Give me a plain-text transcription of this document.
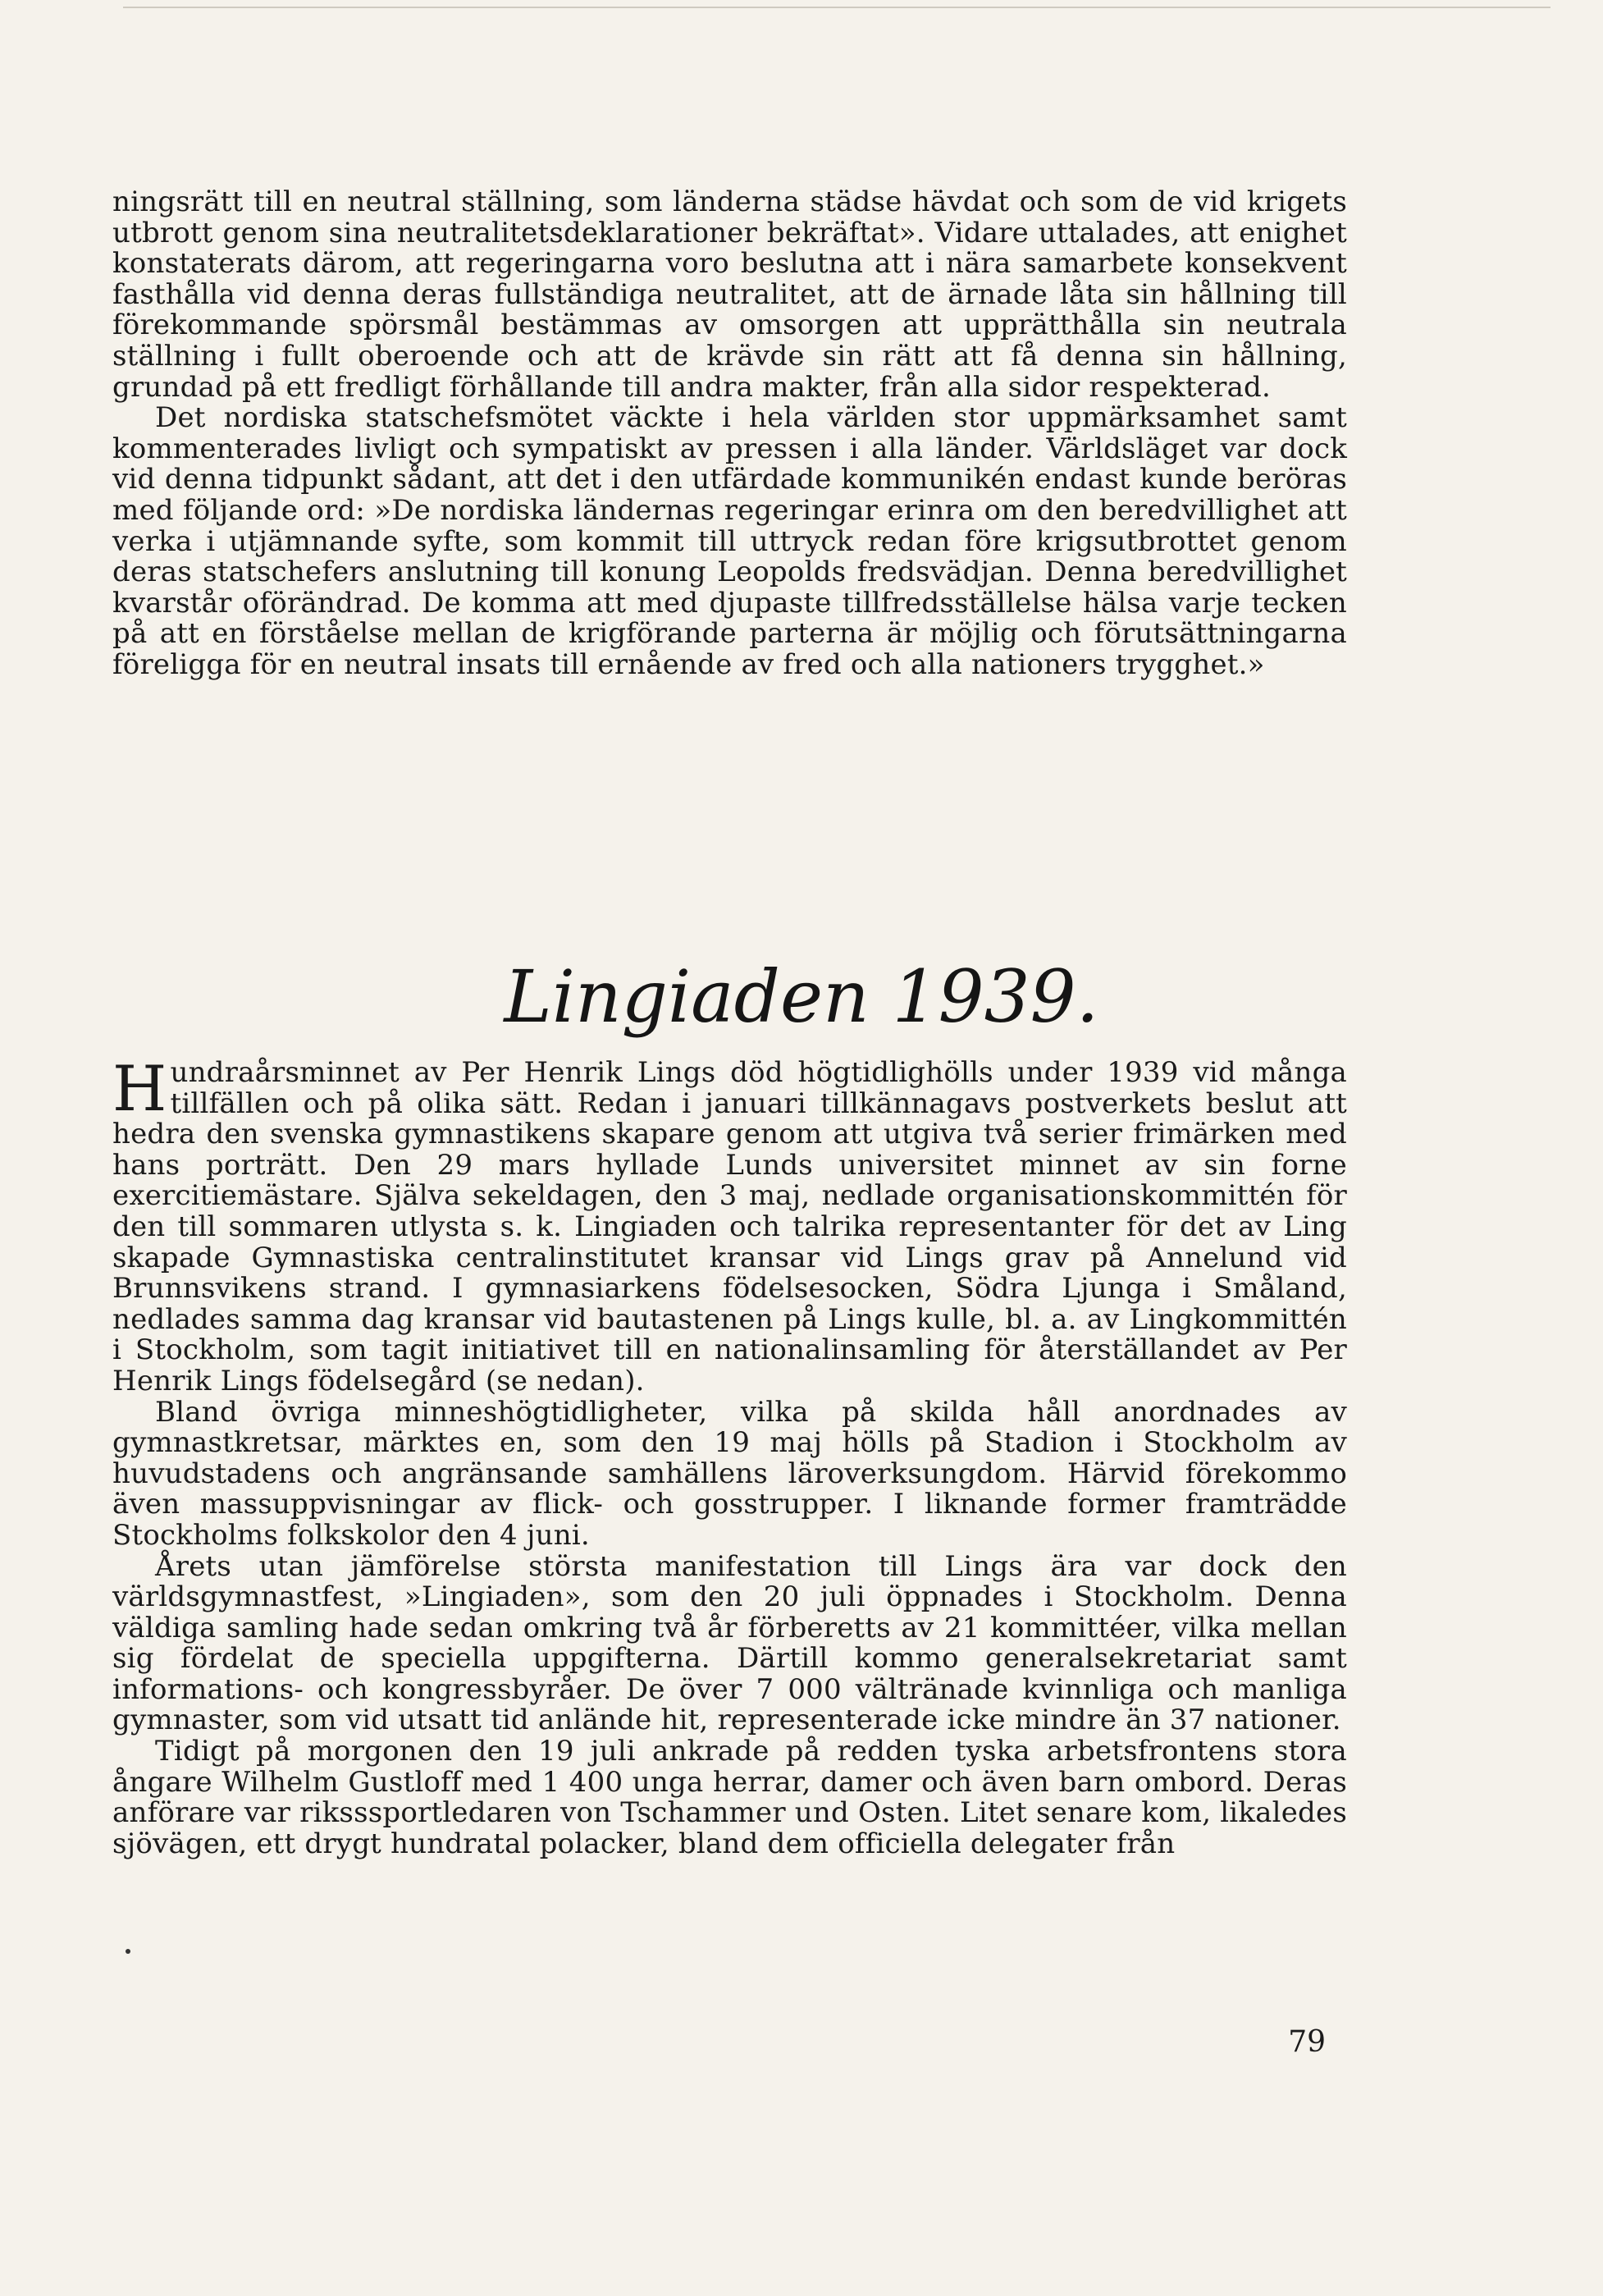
ningsrätt till en neutral ställning, som länderna städse hävdat och som de vid krigets utbrott genom sina neutralitetsdeklarationer bekräftat». Vidare uttalades, att enighet konstaterats därom, att regeringarna voro beslutna att i nära samarbete konsekvent fasthålla vid denna deras fullständiga neutralitet, att de ärnade låta sin hållning till förekommande spörsmål bestämmas av omsorgen att upprätthålla sin neutrala ställning i fullt oberoende och att de krävde sin rätt att få denna sin hållning, grundad på ett fredligt förhållande till andra makter, från alla sidor respekterad.

Det nordiska statschefsmötet väckte i hela världen stor uppmärksamhet samt kommenterades livligt och sympatiskt av pressen i alla länder. Världsläget var dock vid denna tidpunkt sådant, att det i den utfärdade kommunikén endast kunde beröras med följande ord: »De nordiska ländernas regeringar erinra om den beredvillighet att verka i utjämnande syfte, som kommit till uttryck redan före krigsutbrottet genom deras statschefers anslutning till konung Leopolds fredsvädjan. Denna beredvillighet kvarstår oförändrad. De komma att med djupaste tillfredsställelse hälsa varje tecken på att en förståelse mellan de krigförande parterna är möjlig och förutsättningarna föreligga för en neutral insats till ernående av fred och alla nationers trygghet.»

Lingiaden 1939.

Hundraårsminnet av Per Henrik Lings död högtidlighölls under 1939 vid många tillfällen och på olika sätt. Redan i januari tillkännagavs postverkets beslut att hedra den svenska gymnastikens skapare genom att utgiva två serier frimärken med hans porträtt. Den 29 mars hyllade Lunds universitet minnet av sin forne exercitiemästare. Själva sekeldagen, den 3 maj, nedlade organisationskommittén för den till sommaren utlysta s. k. Lingiaden och talrika representanter för det av Ling skapade Gymnastiska centralinstitutet kransar vid Lings grav på Annelund vid Brunnsvikens strand. I gymnasiarkens födelsesocken, Södra Ljunga i Småland, nedlades samma dag kransar vid bautastenen på Lings kulle, bl. a. av Lingkommittén i Stockholm, som tagit initiativet till en nationalinsamling för återställandet av Per Henrik Lings födelsegård (se nedan).

Bland övriga minneshögtidligheter, vilka på skilda håll anordnades av gymnastkretsar, märktes en, som den 19 maj hölls på Stadion i Stockholm av huvudstadens och angränsande samhällens läroverksungdom. Härvid förekommo även massuppvisningar av flick- och gosstrupper. I liknande former framträdde Stockholms folkskolor den 4 juni.

Årets utan jämförelse största manifestation till Lings ära var dock den världsgymnastfest, »Lingiaden», som den 20 juli öppnades i Stockholm. Denna väldiga samling hade sedan omkring två år förberetts av 21 kommittéer, vilka mellan sig fördelat de speciella uppgifterna. Därtill kommo generalsekretariat samt informations- och kongressbyråer. De över 7 000 vältränade kvinnliga och manliga gymnaster, som vid utsatt tid anlände hit, representerade icke mindre än 37 nationer.

Tidigt på morgonen den 19 juli ankrade på redden tyska arbetsfrontens stora ångare Wilhelm Gustloff med 1 400 unga herrar, damer och även barn ombord. Deras anförare var riksssportledaren von Tschammer und Osten. Litet senare kom, likaledes sjövägen, ett drygt hundratal polacker, bland dem officiella delegater från

79
